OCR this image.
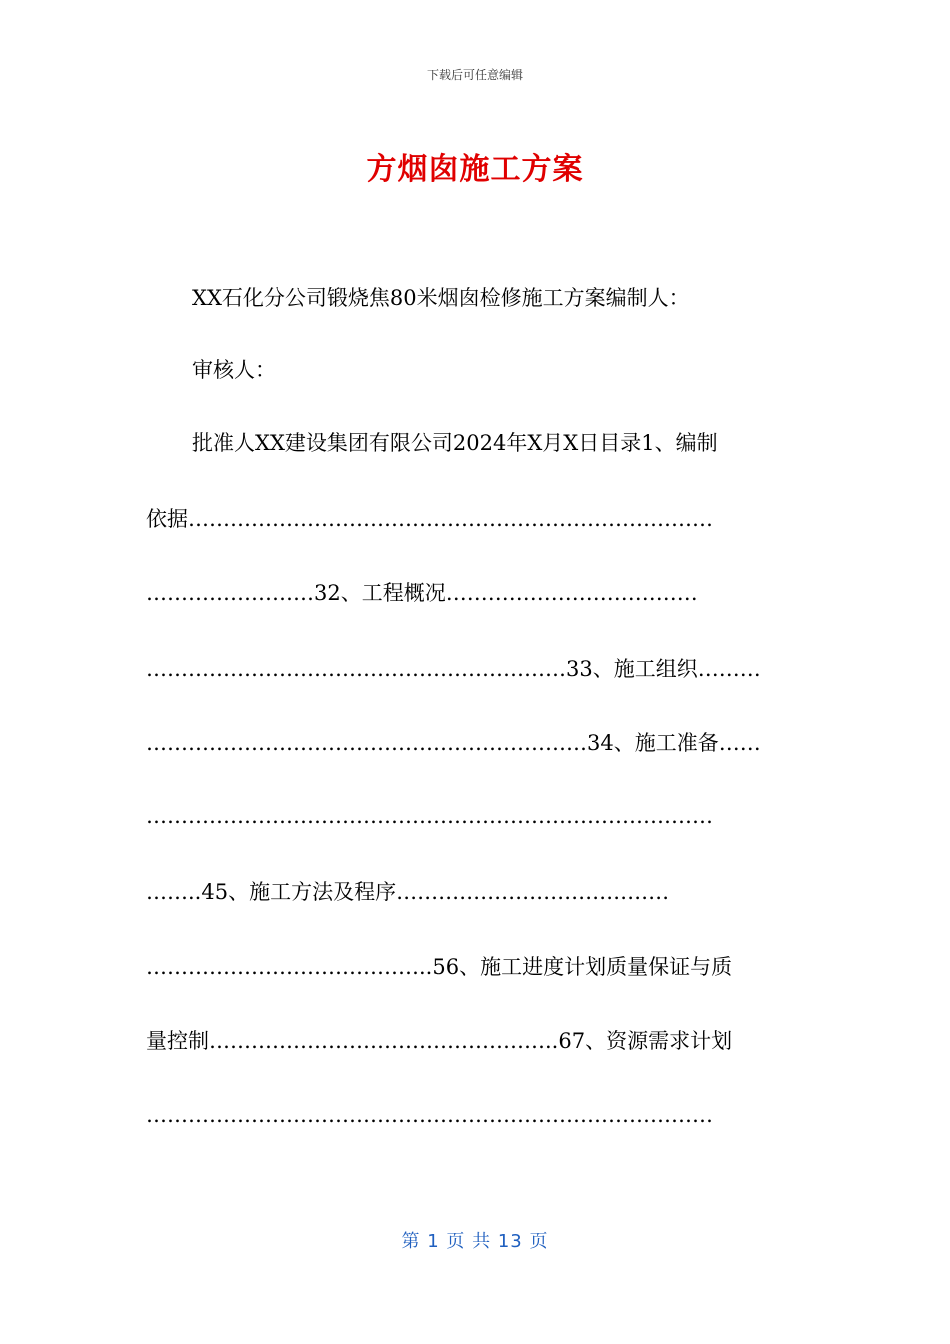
下载后可任意编辑
方烟囱施工方案
XX石化分公司锻烧焦80米烟囱检修施工方案编制人：
审核人：
批准人XX建设集团有限公司2024年X月X日目录1、编制
依据…………………………………………………………………
……………………32、工程概况………………………………
……………………………………………………33、施工组织………
………………………………………………………34、施工准备……
………………………………………………………………………
……..45、施工方法及程序…………………………………
…………………………………..56、施工进度计划质量保证与质
量控制…………………………………………..67、资源需求计划
………………………………………………………………………
第 1 页 共 13 页
